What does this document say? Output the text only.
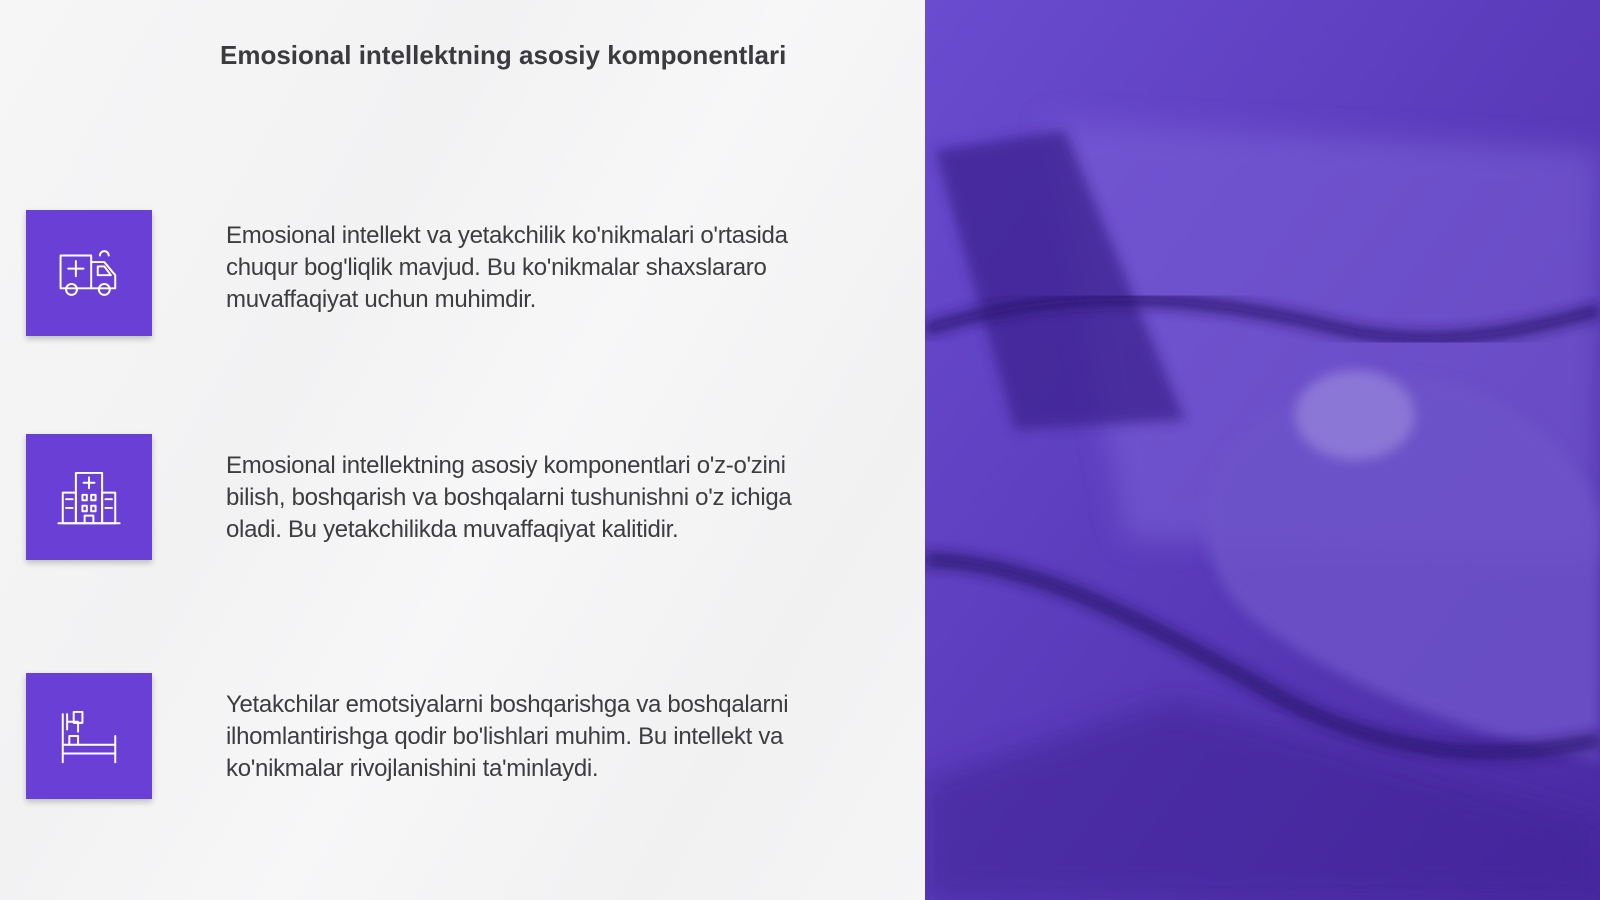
Emosional intellektning asosiy komponentlari

Emosional intellekt va yetakchilik ko'nikmalari o'rtasida chuqur bog'liqlik mavjud. Bu ko'nikmalar shaxslararo muvaffaqiyat uchun muhimdir.

Emosional intellektning asosiy komponentlari o'z-o'zini bilish, boshqarish va boshqalarni tushunishni o'z ichiga oladi. Bu yetakchilikda muvaffaqiyat kalitidir.

Yetakchilar emotsiyalarni boshqarishga va boshqalarni ilhomlantirishga qodir bo'lishlari muhim. Bu intellekt va ko'nikmalar rivojlanishini ta'minlaydi.
